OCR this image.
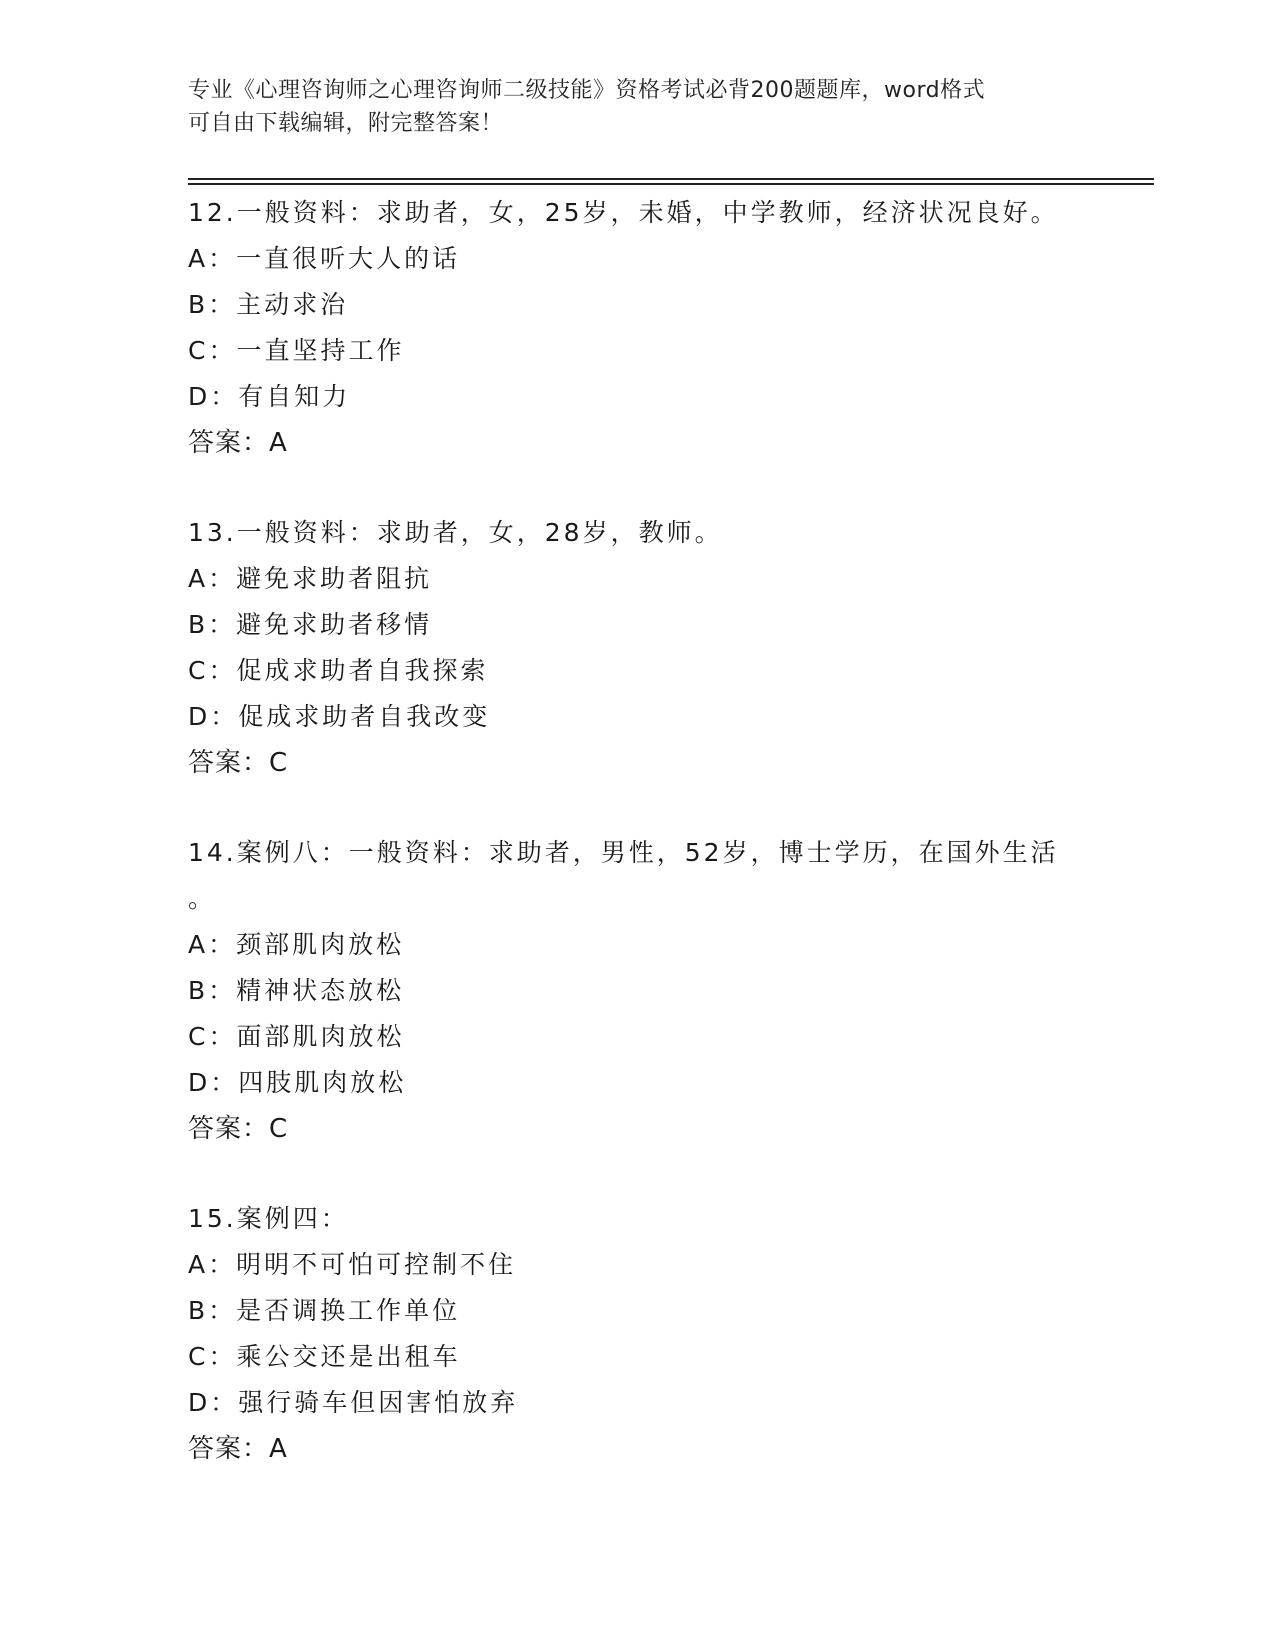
专业《心理咨询师之心理咨询师二级技能》资格考试必背200题题库，word格式
可自由下载编辑，附完整答案！
12.一般资料：求助者，女，25岁，未婚，中学教师，经济状况良好。
A：一直很听大人的话
B：主动求治
C：一直坚持工作
D：有自知力
答案：A
13.一般资料：求助者，女，28岁，教师。
A：避免求助者阻抗
B：避免求助者移情
C：促成求助者自我探索
D：促成求助者自我改变
答案：C
14.案例八：一般资料：求助者，男性，52岁，博士学历，在国外生活
。
A：颈部肌肉放松
B：精神状态放松
C：面部肌肉放松
D：四肢肌肉放松
答案：C
15.案例四：
A：明明不可怕可控制不住
B：是否调换工作单位
C：乘公交还是出租车
D：强行骑车但因害怕放弃
答案：A
